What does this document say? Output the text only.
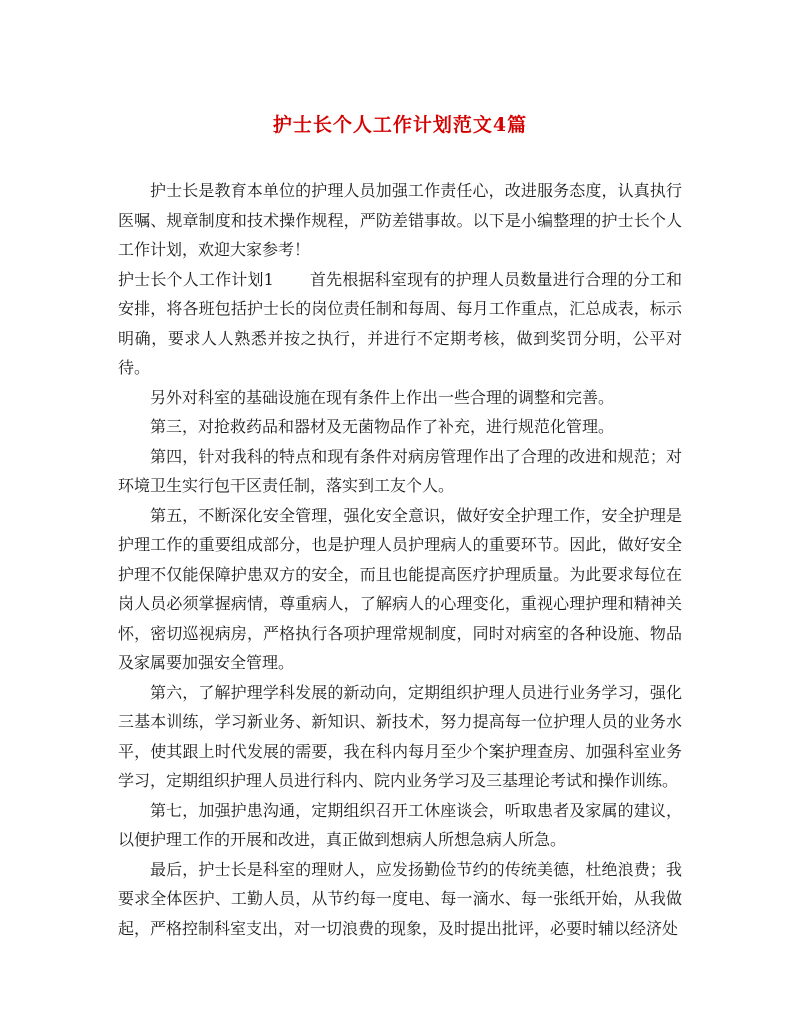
护士长个人工作计划范文4篇

护士长是教育本单位的护理人员加强工作责任心，改进服务态度，认真执行医嘱、规章制度和技术操作规程，严防差错事故。以下是小编整理的护士长个人工作计划，欢迎大家参考！

护士长个人工作计划1 首先根据科室现有的护理人员数量进行合理的分工和安排，将各班包括护士长的岗位责任制和每周、每月工作重点，汇总成表，标示明确，要求人人熟悉并按之执行，并进行不定期考核，做到奖罚分明，公平对待。

另外对科室的基础设施在现有条件上作出一些合理的调整和完善。

第三，对抢救药品和器材及无菌物品作了补充，进行规范化管理。

第四，针对我科的特点和现有条件对病房管理作出了合理的改进和规范；对环境卫生实行包干区责任制，落实到工友个人。

第五，不断深化安全管理，强化安全意识，做好安全护理工作，安全护理是护理工作的重要组成部分，也是护理人员护理病人的重要环节。因此，做好安全护理不仅能保障护患双方的安全，而且也能提高医疗护理质量。为此要求每位在岗人员必须掌握病情，尊重病人，了解病人的心理变化，重视心理护理和精神关怀，密切巡视病房，严格执行各项护理常规制度，同时对病室的各种设施、物品及家属要加强安全管理。

第六，了解护理学科发展的新动向，定期组织护理人员进行业务学习，强化三基本训练，学习新业务、新知识、新技术，努力提高每一位护理人员的业务水平，使其跟上时代发展的需要，我在科内每月至少个案护理查房、加强科室业务学习，定期组织护理人员进行科内、院内业务学习及三基理论考试和操作训练。

第七，加强护患沟通，定期组织召开工休座谈会，听取患者及家属的建议，以便护理工作的开展和改进，真正做到想病人所想急病人所急。

最后，护士长是科室的理财人，应发扬勤俭节约的传统美德，杜绝浪费；我要求全体医护、工勤人员，从节约每一度电、每一滴水、每一张纸开始，从我做起，严格控制科室支出，对一切浪费的现象，及时提出批评，必要时辅以经济处
